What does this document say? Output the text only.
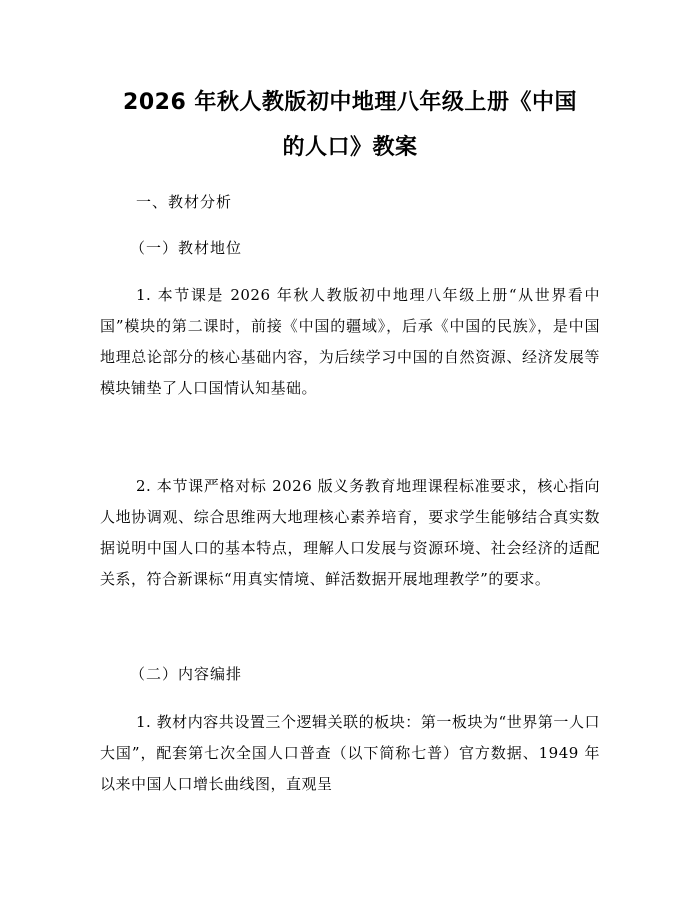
2026 年秋人教版初中地理八年级上册《中国
的人口》教案
一、教材分析
（一）教材地位

1. 本节课是 2026 年秋人教版初中地理八年级上册“从世界看中国”模块的第二课时，前接《中国的疆域》，后承《中国的民族》，是中国地理总论部分的核心基础内容，为后续学习中国的自然资源、经济发展等模块铺垫了人口国情认知基础。

2. 本节课严格对标 2026 版义务教育地理课程标准要求，核心指向人地协调观、综合思维两大地理核心素养培育，要求学生能够结合真实数据说明中国人口的基本特点，理解人口发展与资源环境、社会经济的适配关系，符合新课标“用真实情境、鲜活数据开展地理教学”的要求。

（二）内容编排

1. 教材内容共设置三个逻辑关联的板块：第一板块为“世界第一人口大国”，配套第七次全国人口普查（以下简称七普）官方数据、1949 年以来中国人口增长曲线图，直观呈
